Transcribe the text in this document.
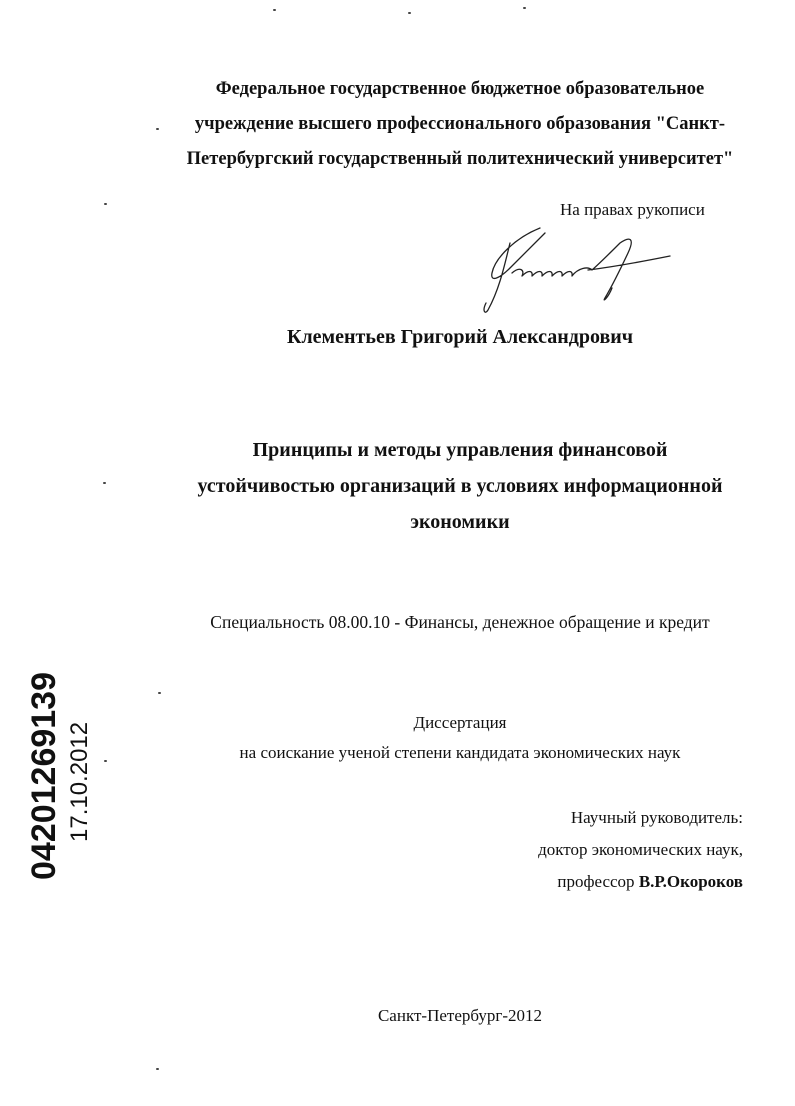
Федеральное государственное бюджетное образовательное
учреждение высшего профессионального образования "Санкт-
Петербургский государственный политехнический университет"
На правах рукописи
Клементьев Григорий Александрович
Принципы и методы управления финансовой
устойчивостью организаций в условиях информационной
экономики
Специальность 08.00.10 - Финансы, денежное обращение и кредит
Диссертация
на соискание ученой степени кандидата экономических наук
Научный руководитель:
доктор экономических наук,
профессор В.Р.Окороков
Санкт-Петербург-2012
04201269139 17.10.2012
